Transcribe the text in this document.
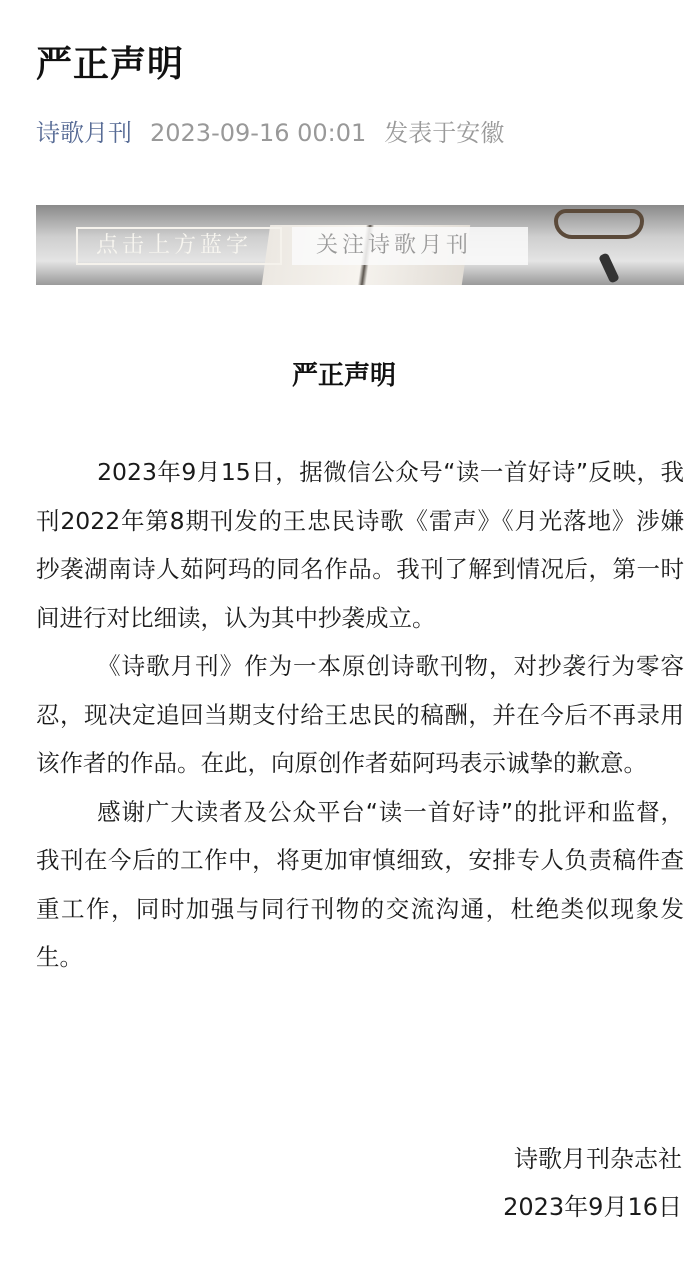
严正声明
诗歌月刊 2023-09-16 00:01 发表于安徽
点击上方蓝字	关注诗歌月刊
严正声明

2023年9月15日，据微信公众号“读一首好诗”反映，我刊2022年第8期刊发的王忠民诗歌《雷声》《月光落地》涉嫌抄袭湖南诗人茹阿玛的同名作品。我刊了解到情况后，第一时间进行对比细读，认为其中抄袭成立。

《诗歌月刊》作为一本原创诗歌刊物，对抄袭行为零容忍，现决定追回当期支付给王忠民的稿酬，并在今后不再录用该作者的作品。在此，向原创作者茹阿玛表示诚挚的歉意。

感谢广大读者及公众平台“读一首好诗”的批评和监督，我刊在今后的工作中，将更加审慎细致，安排专人负责稿件查重工作，同时加强与同行刊物的交流沟通，杜绝类似现象发生。

诗歌月刊杂志社
2023年9月16日
